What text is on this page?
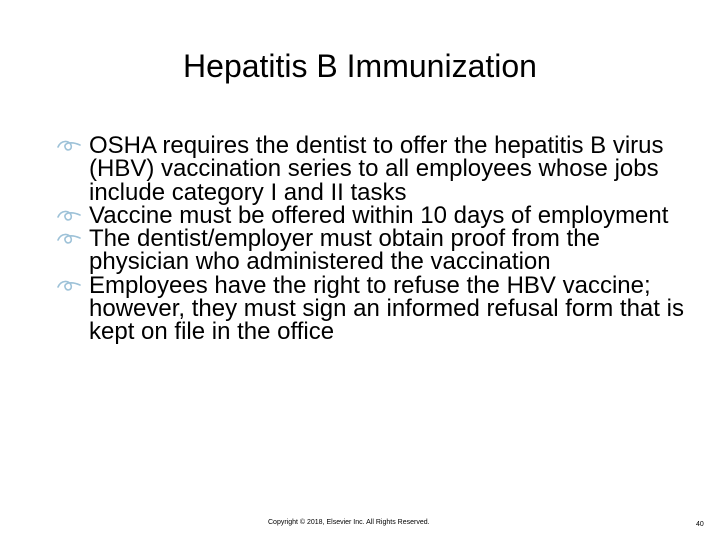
Hepatitis B Immunization
OSHA requires the dentist to offer the hepatitis B virus (HBV) vaccination series to all employees whose jobs include category I and II tasks
Vaccine must be offered within 10 days of employment
The dentist/employer must obtain proof from the physician who administered the vaccination
Employees have the right to refuse the HBV vaccine; however, they must sign an informed refusal form that is kept on file in the office
Copyright © 2018, Elsevier Inc. All Rights Reserved.	40
